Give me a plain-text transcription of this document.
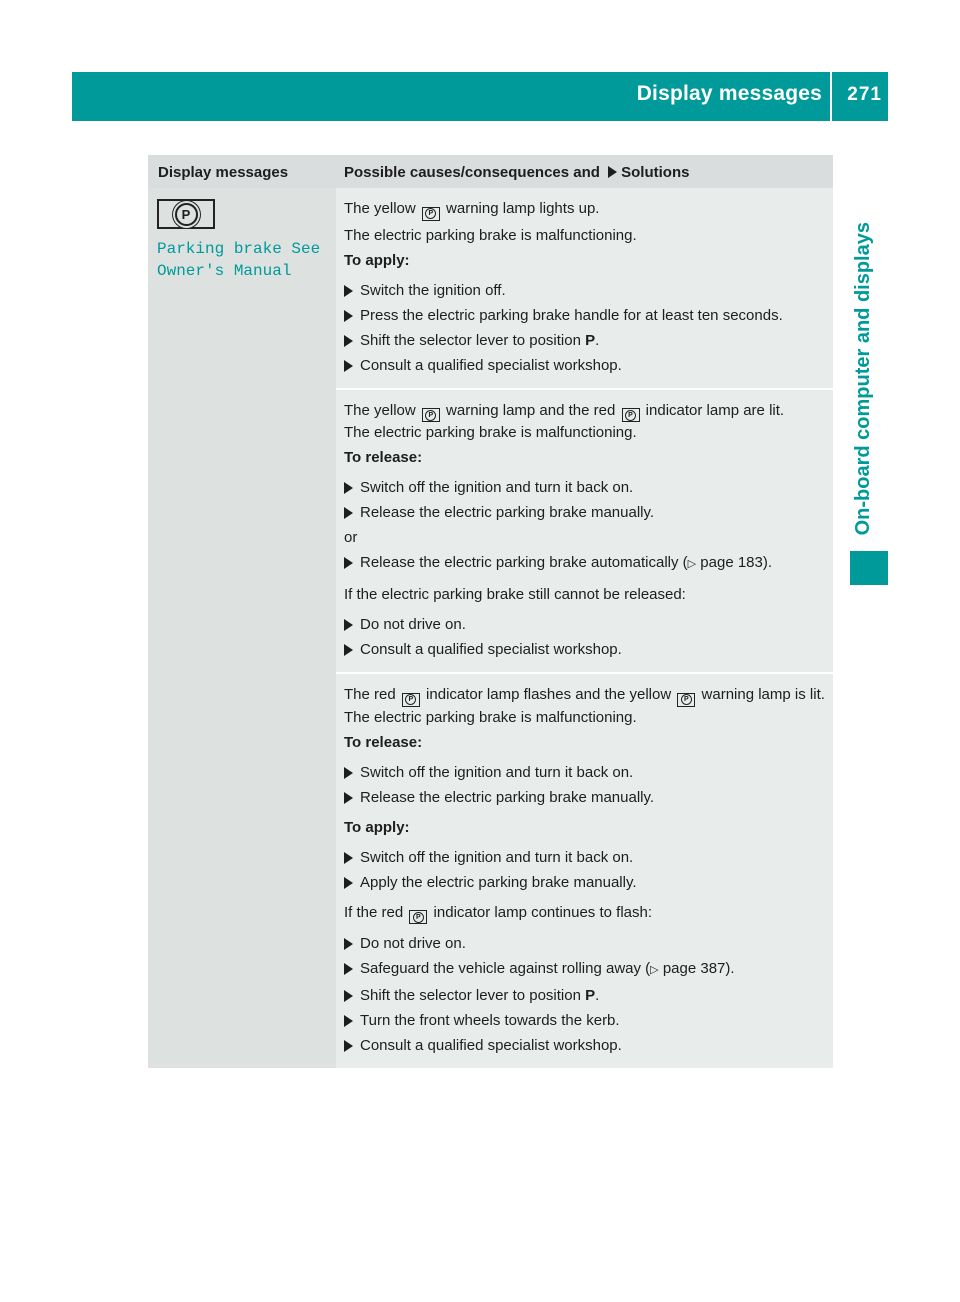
Display messages 271
On-board computer and displays
Display messages	Possible causes/consequences and Solutions
P
Parking brake See Owner's Manual
The yellow	P warning lamp lights up.
The electric parking brake is malfunctioning.
To apply:
Switch the ignition off.
Press the electric parking brake handle for at least ten seconds.
Shift the selector lever to position P.
Consult a qualified specialist workshop.
The yellow	P warning lamp and the red	P indicator lamp are lit.
The electric parking brake is malfunctioning.
To release:
Switch off the ignition and turn it back on.
Release the electric parking brake manually.
or
Release the electric parking brake automatically (▷ page 183).
If the electric parking brake still cannot be released:
Do not drive on.
Consult a qualified specialist workshop.
The red	P indicator lamp flashes and the yellow	P warning lamp is lit.
The electric parking brake is malfunctioning.
To release:
Switch off the ignition and turn it back on.
Release the electric parking brake manually.
To apply:
Switch off the ignition and turn it back on.
Apply the electric parking brake manually.
If the red	P indicator lamp continues to flash:
Do not drive on.
Safeguard the vehicle against rolling away (▷ page 387).
Shift the selector lever to position P.
Turn the front wheels towards the kerb.
Consult a qualified specialist workshop.
